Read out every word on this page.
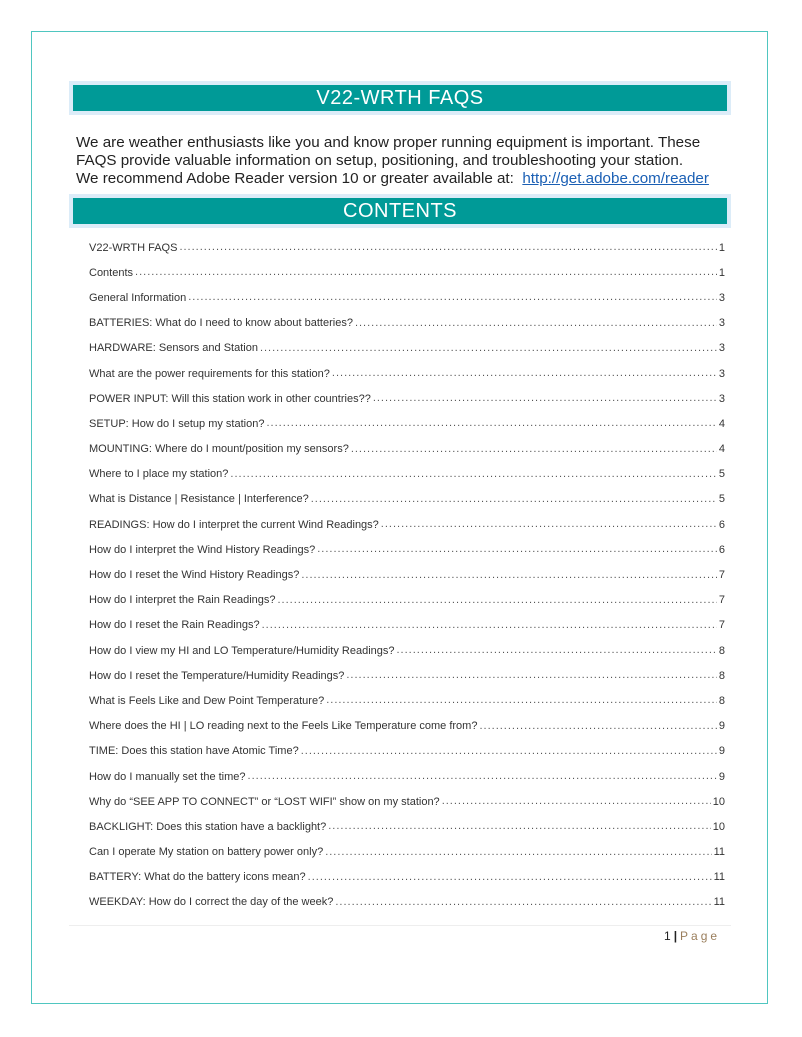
V22-WRTH FAQS

We are weather enthusiasts like you and know proper running equipment is important. These

FAQS provide valuable information on setup, positioning, and troubleshooting your station.

We recommend Adobe Reader version 10 or greater available at: http://get.adobe.com/reader

CONTENTS
V22-WRTH FAQS .....	1
Contents .....	1
General Information .....	3
BATTERIES: What do I need to know about batteries? .....	3
HARDWARE: Sensors and Station .....	3
What are the power requirements for this station? .....	3
POWER INPUT: Will this station work in other countries?? .....	3
SETUP: How do I setup my station? .....	4
MOUNTING: Where do I mount/position my sensors? .....	4
Where to I place my station? .....	5
What is Distance | Resistance | Interference? .....	5
READINGS: How do I interpret the current Wind Readings? .....	6
How do I interpret the Wind History Readings? .....	6
How do I reset the Wind History Readings? .....	7
How do I interpret the Rain Readings? .....	7
How do I reset the Rain Readings? .....	7
How do I view my HI and LO Temperature/Humidity Readings? .....	8
How do I reset the Temperature/Humidity Readings? .....	8
What is Feels Like and Dew Point Temperature? .....	8
Where does the HI | LO reading next to the Feels Like Temperature come from? .....	9
TIME: Does this station have Atomic Time? .....	9
How do I manually set the time? .....	9
Why do “SEE APP TO CONNECT” or “LOST WIFI” show on my station? .....	10
BACKLIGHT: Does this station have a backlight? .....	10
Can I operate My station on battery power only? .....	11
BATTERY: What do the battery icons mean? .....	11
WEEKDAY: How do I correct the day of the week? .....	11
1 | Page
